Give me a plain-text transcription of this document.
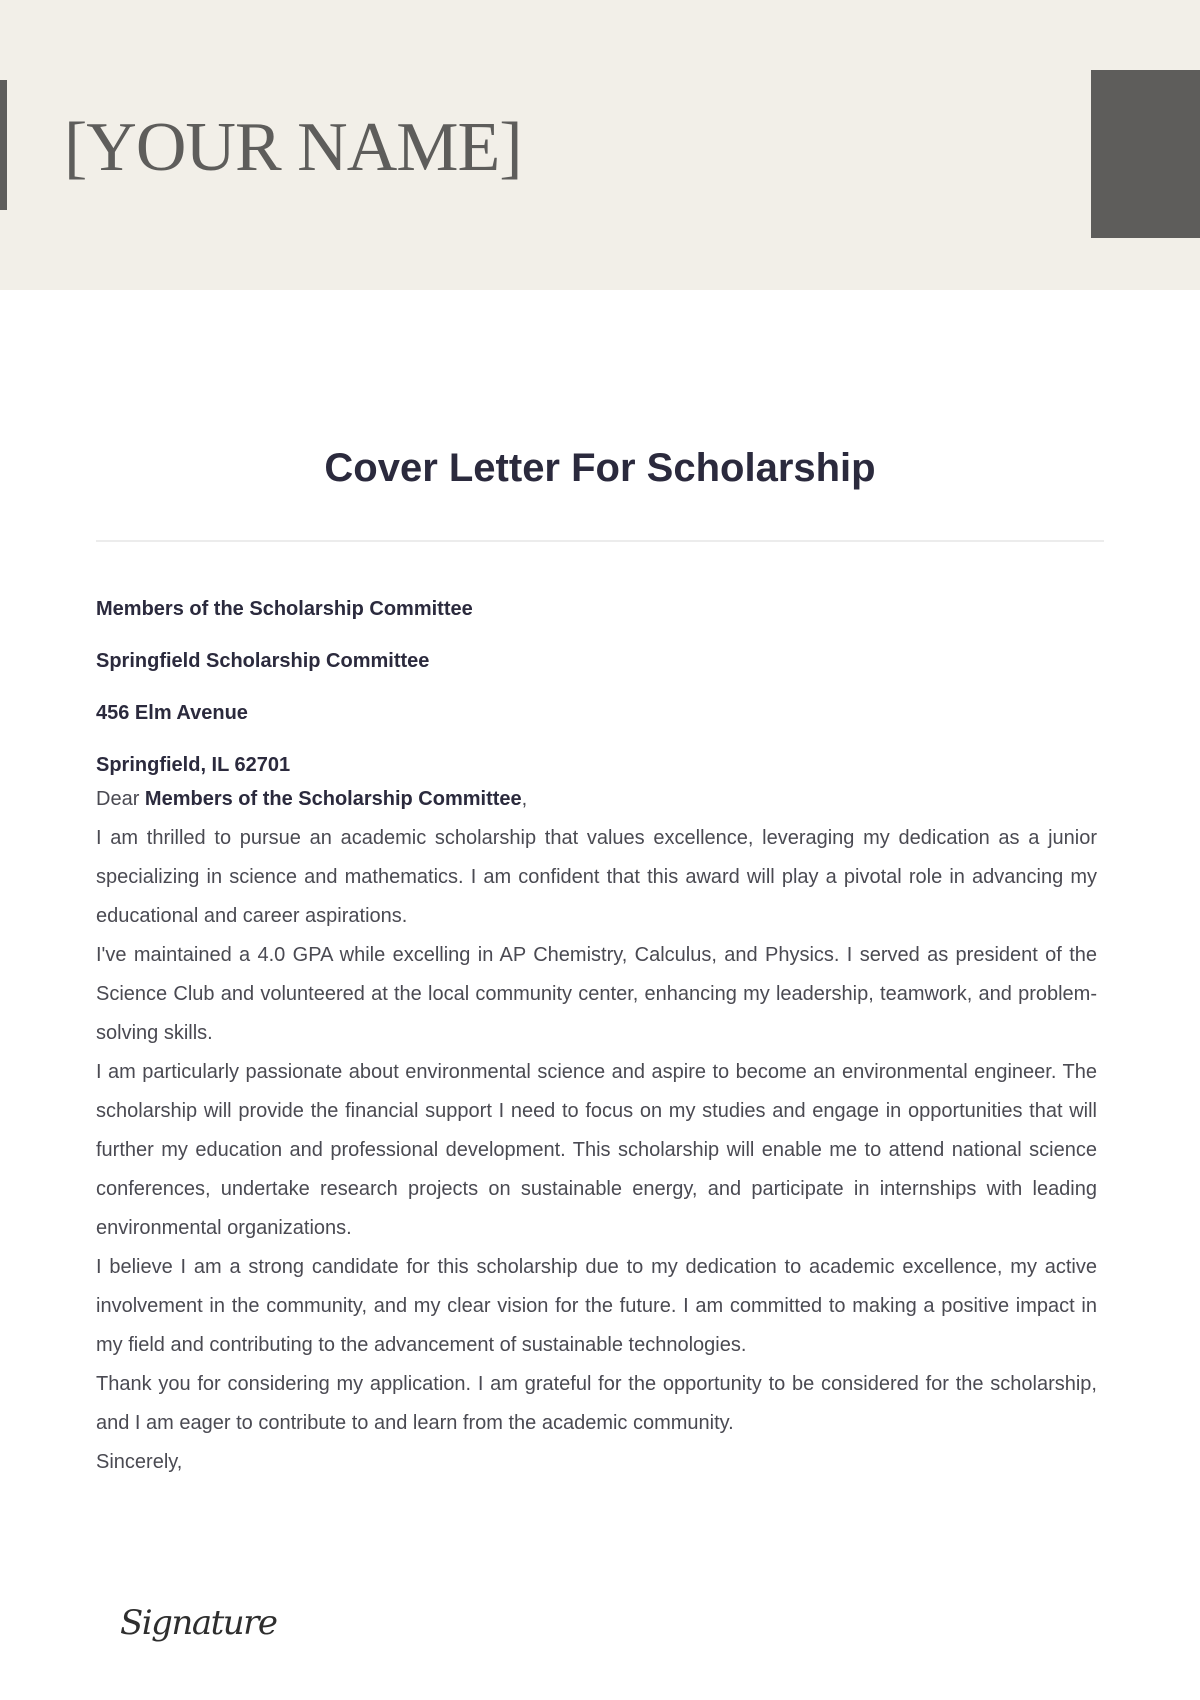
[YOUR NAME]
Cover Letter For Scholarship

Members of the Scholarship Committee

Springfield Scholarship Committee

456 Elm Avenue

Springfield, IL 62701

Dear Members of the Scholarship Committee,

I am thrilled to pursue an academic scholarship that values excellence, leveraging my dedication as a junior specializing in science and mathematics. I am confident that this award will play a pivotal role in advancing my educational and career aspirations.

I've maintained a 4.0 GPA while excelling in AP Chemistry, Calculus, and Physics. I served as president of the Science Club and volunteered at the local community center, enhancing my leadership, teamwork, and problem-solving skills.

I am particularly passionate about environmental science and aspire to become an environmental engineer. The scholarship will provide the financial support I need to focus on my studies and engage in opportunities that will further my education and professional development. This scholarship will enable me to attend national science conferences, undertake research projects on sustainable energy, and participate in internships with leading environmental organizations.

I believe I am a strong candidate for this scholarship due to my dedication to academic excellence, my active involvement in the community, and my clear vision for the future. I am committed to making a positive impact in my field and contributing to the advancement of sustainable technologies.

Thank you for considering my application. I am grateful for the opportunity to be considered for the scholarship, and I am eager to contribute to and learn from the academic community.

Sincerely,

Signature
